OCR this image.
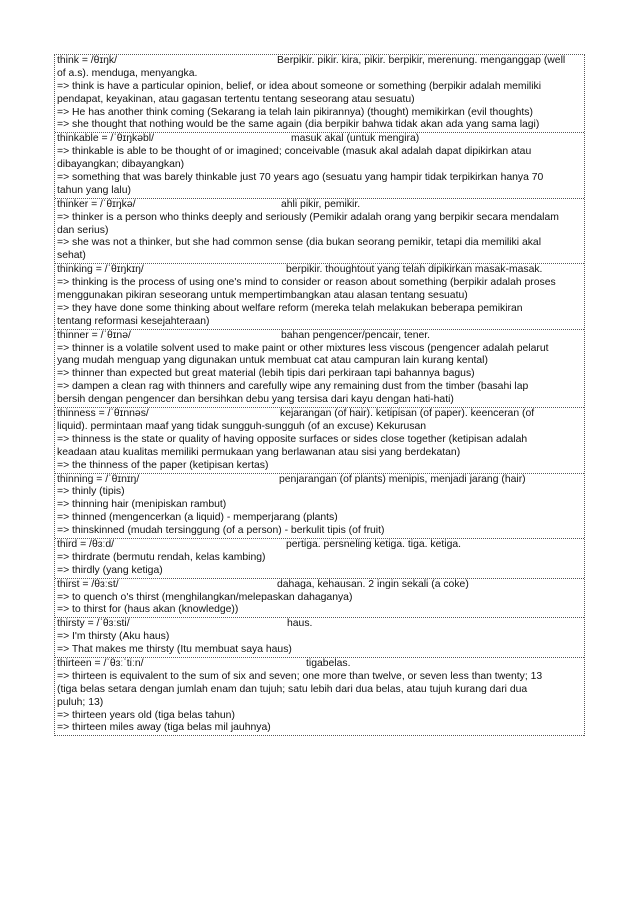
think = /θɪŋk/	Berpikir. pikir. kira, pikir. berpikir, merenung. menganggap (well
of a.s). menduga, menyangka.
=> think is have a particular opinion, belief, or idea about someone or something (berpikir adalah memiliki
pendapat, keyakinan, atau gagasan tertentu tentang seseorang atau sesuatu)
=> He has another think coming (Sekarang ia telah lain pikirannya) (thought) memikirkan (evil thoughts)
=> she thought that nothing would be the same again (dia berpikir bahwa tidak akan ada yang sama lagi)
thinkable = /ˈθɪŋkəbl/	masuk akal (untuk mengira)
=> thinkable is able to be thought of or imagined; conceivable (masuk akal adalah dapat dipikirkan atau
dibayangkan; dibayangkan)
=> something that was barely thinkable just 70 years ago (sesuatu yang hampir tidak terpikirkan hanya 70
tahun yang lalu)
thinker = /ˈθɪŋkə/	ahli pikir, pemikir.
=> thinker is a person who thinks deeply and seriously (Pemikir adalah orang yang berpikir secara mendalam
dan serius)
=> she was not a thinker, but she had common sense (dia bukan seorang pemikir, tetapi dia memiliki akal
sehat)
thinking = /ˈθɪŋkɪŋ/	berpikir. thoughtout yang telah dipikirkan masak-masak.
=> thinking is the process of using one's mind to consider or reason about something (berpikir adalah proses
menggunakan pikiran seseorang untuk mempertimbangkan atau alasan tentang sesuatu)
=> they have done some thinking about welfare reform (mereka telah melakukan beberapa pemikiran
tentang reformasi kesejahteraan)
thinner = /ˈθɪnə/	bahan pengencer/pencair, tener.
=> thinner is a volatile solvent used to make paint or other mixtures less viscous (pengencer adalah pelarut
yang mudah menguap yang digunakan untuk membuat cat atau campuran lain kurang kental)
=> thinner than expected but great material (lebih tipis dari perkiraan tapi bahannya bagus)
=> dampen a clean rag with thinners and carefully wipe any remaining dust from the timber (basahi lap
bersih dengan pengencer dan bersihkan debu yang tersisa dari kayu dengan hati-hati)
thinness = /ˈθɪnnəs/	kejarangan (of hair). ketipisan (of paper). keenceran (of
liquid). permintaan maaf yang tidak sungguh-sungguh (of an excuse) Kekurusan
=> thinness is the state or quality of having opposite surfaces or sides close together (ketipisan adalah
keadaan atau kualitas memiliki permukaan yang berlawanan atau sisi yang berdekatan)
=> the thinness of the paper (ketipisan kertas)
thinning = /ˈθɪnɪŋ/	penjarangan (of plants) menipis, menjadi jarang (hair)
=> thinly (tipis)
=> thinning hair (menipiskan rambut)
=> thinned (mengencerkan (a liquid) - memperjarang (plants)
=> thinskinned (mudah tersinggung (of a person) - berkulit tipis (of fruit)
third = /θɜːd/	pertiga. persneling ketiga. tiga. ketiga.
=> thirdrate (bermutu rendah, kelas kambing)
=> thirdly (yang ketiga)
thirst = /θɜːst/	dahaga, kehausan. 2 ingin sekali (a coke)
=> to quench o's thirst (menghilangkan/melepaskan dahaganya)
=> to thirst for (haus akan (knowledge))
thirsty = /ˈθɜːsti/	haus.
=> I'm thirsty (Aku haus)
=> That makes me thirsty (Itu membuat saya haus)
thirteen = /ˈθɜːˈtiːn/	tigabelas.
=> thirteen is equivalent to the sum of six and seven; one more than twelve, or seven less than twenty; 13
(tiga belas setara dengan jumlah enam dan tujuh; satu lebih dari dua belas, atau tujuh kurang dari dua
puluh; 13)
=> thirteen years old (tiga belas tahun)
=> thirteen miles away (tiga belas mil jauhnya)
